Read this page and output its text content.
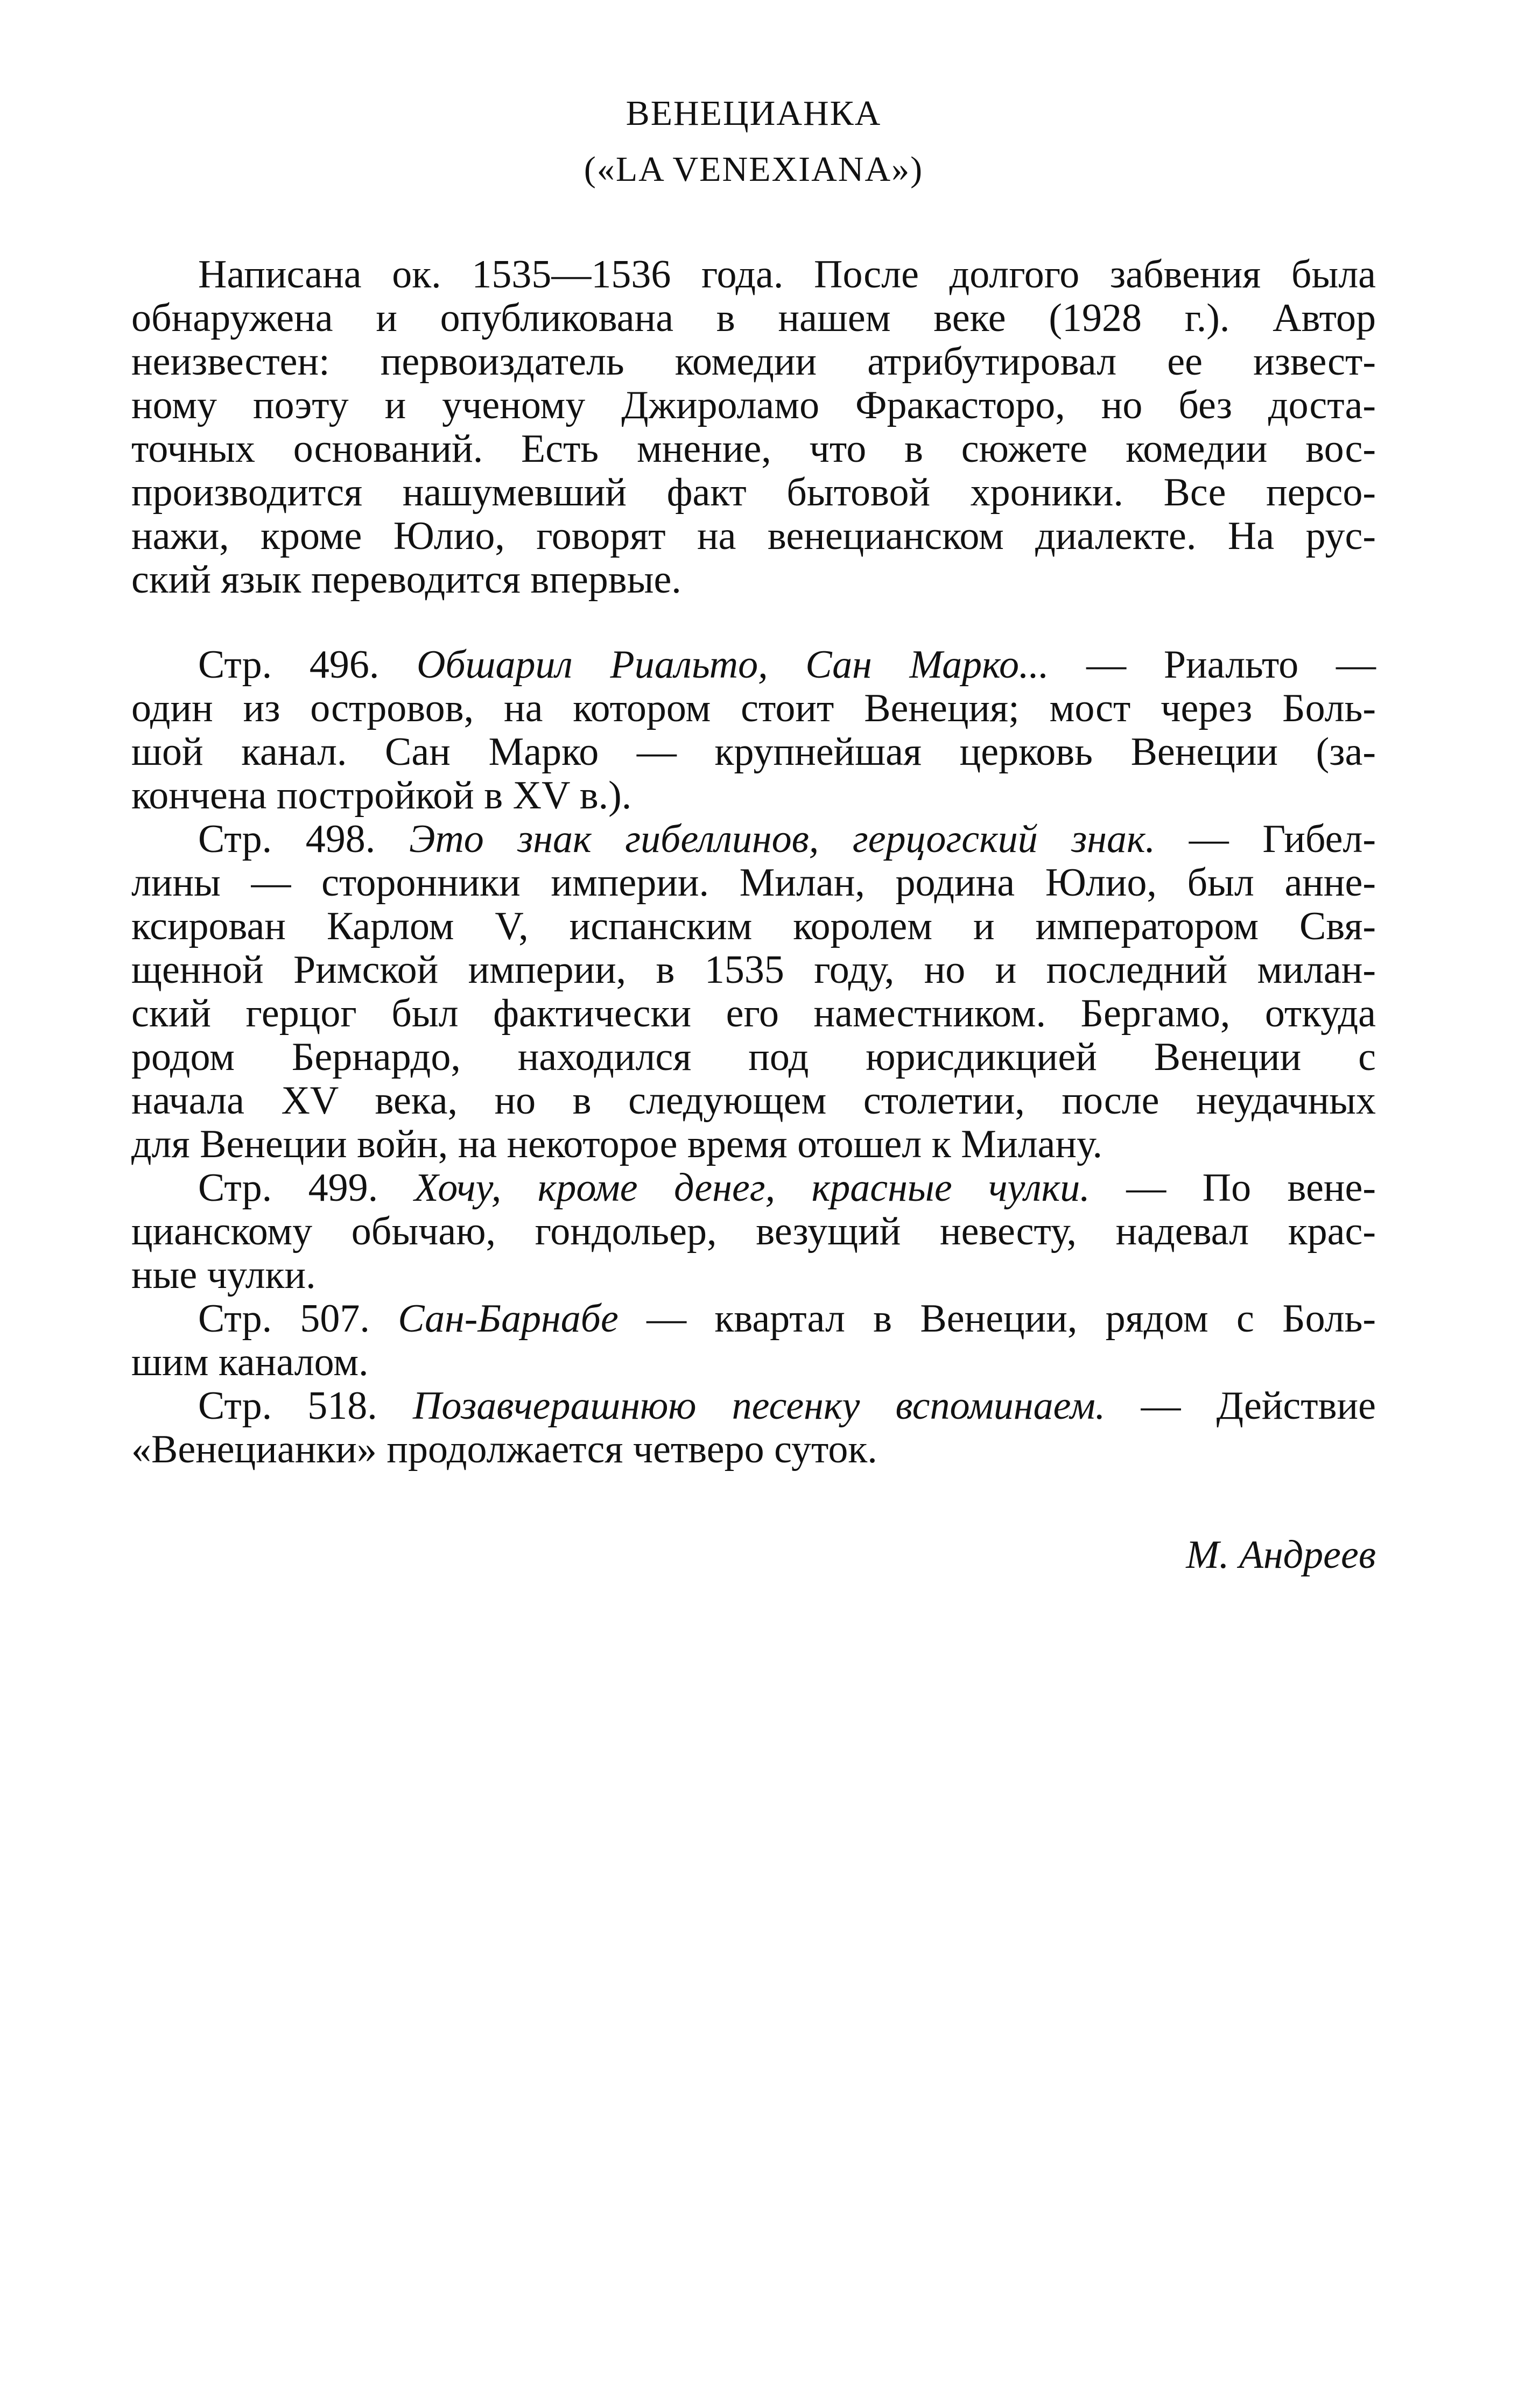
ВЕНЕЦИАНКА
(«LA VENEXIANA»)
Написана ок. 1535—1536 года. После долгого забвения была
обнаружена и опубликована в нашем веке (1928 г.). Автор
неизвестен: первоиздатель комедии атрибутировал ее извест-
ному поэту и ученому Джироламо Фракасторо, но без доста-
точных оснований. Есть мнение, что в сюжете комедии вос-
производится нашумевший факт бытовой хроники. Все персо-
нажи, кроме Юлио, говорят на венецианском диалекте. На рус-
ский язык переводится впервые.
Стр. 496. Обшарил Риальто, Сан Марко... — Риальто —
один из островов, на котором стоит Венеция; мост через Боль-
шой канал. Сан Марко — крупнейшая церковь Венеции (за-
кончена постройкой в XV в.).
Стр. 498. Это знак гибеллинов, герцогский знак. — Гибел-
лины — сторонники империи. Милан, родина Юлио, был анне-
ксирован Карлом V, испанским королем и императором Свя-
щенной Римской империи, в 1535 году, но и последний милан-
ский герцог был фактически его наместником. Бергамо, откуда
родом Бернардо, находился под юрисдикцией Венеции с
начала XV века, но в следующем столетии, после неудачных
для Венеции войн, на некоторое время отошел к Милану.
Стр. 499. Хочу, кроме денег, красные чулки. — По вене-
цианскому обычаю, гондольер, везущий невесту, надевал крас-
ные чулки.
Стр. 507. Сан-Барнабе — квартал в Венеции, рядом с Боль-
шим каналом.
Стр. 518. Позавчерашнюю песенку вспоминаем. — Действие
«Венецианки» продолжается четверо суток.
М. Андреев
